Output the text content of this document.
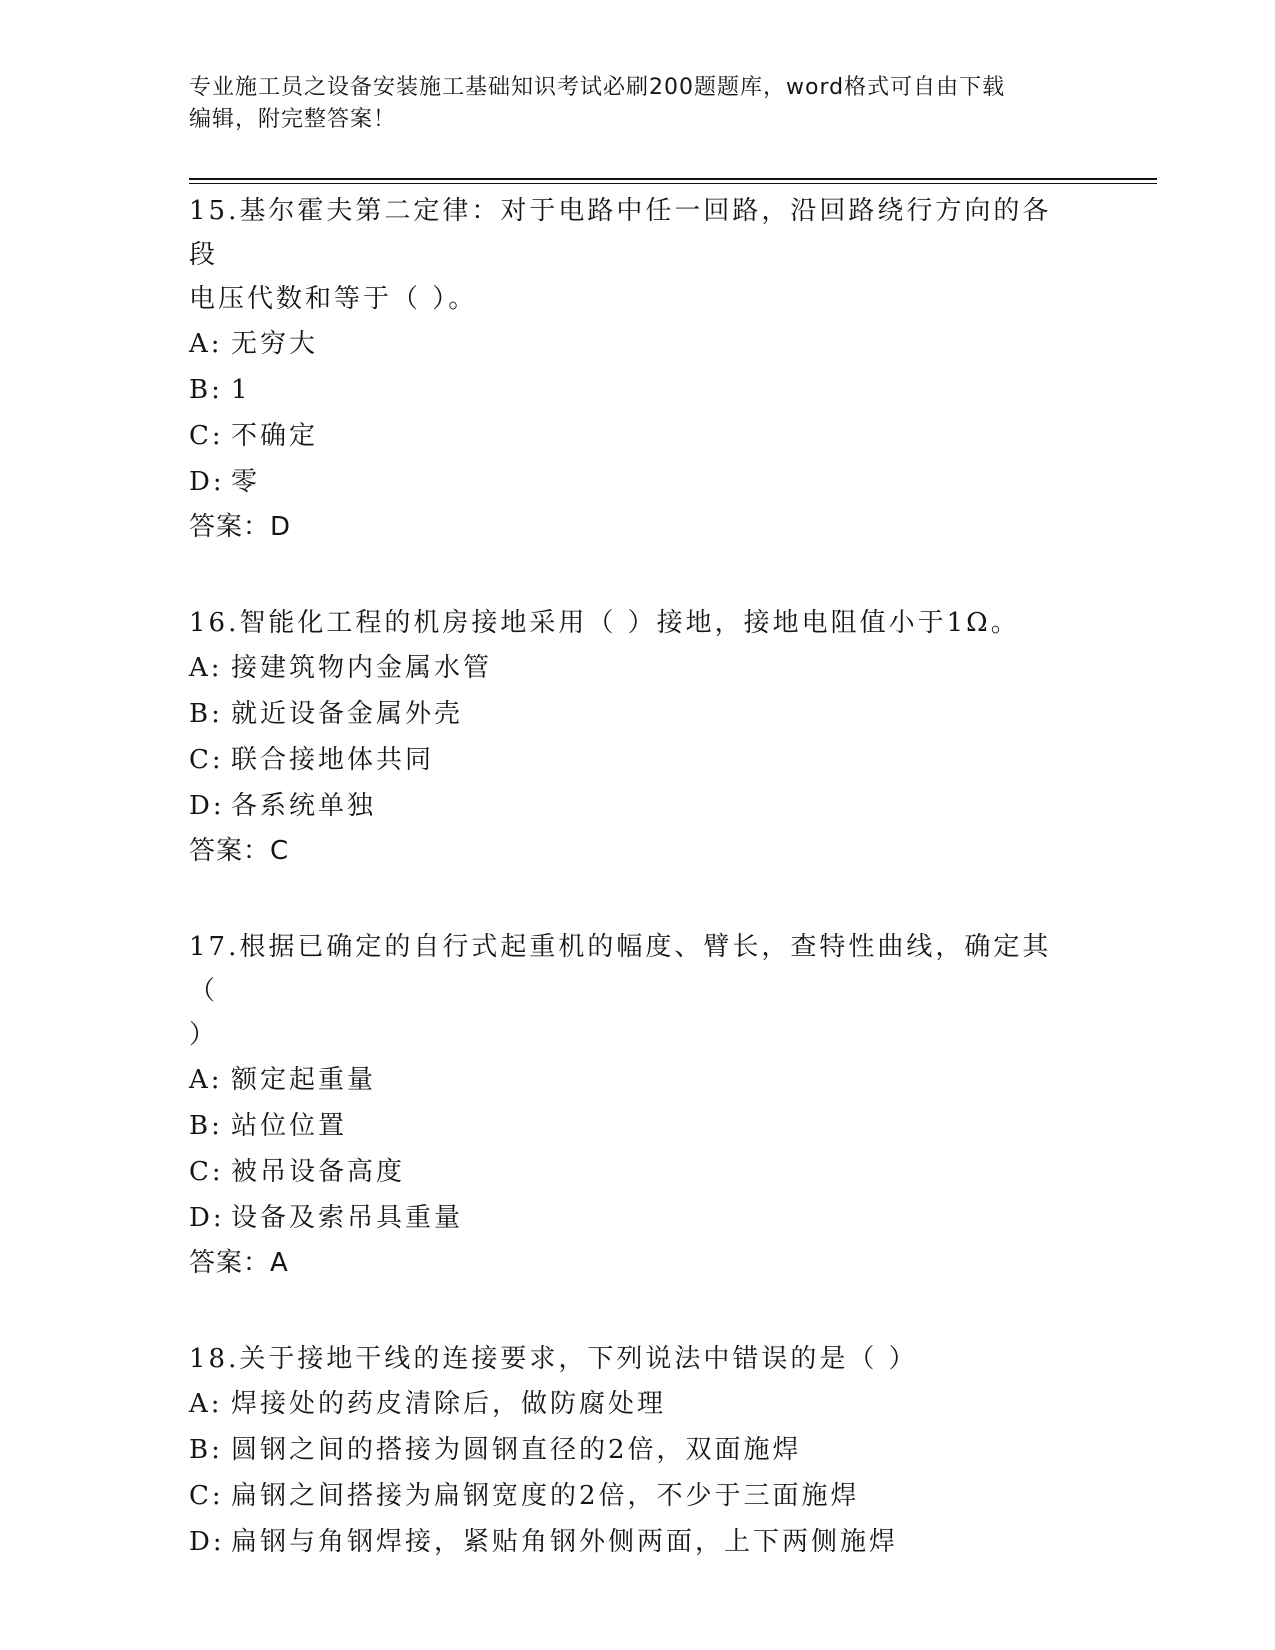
专业施工员之设备安装施工基础知识考试必刷200题题库，word格式可自由下载
编辑，附完整答案！
15.基尔霍夫第二定律：对于电路中任一回路，沿回路绕行方向的各段
电压代数和等于（ ）。
A: 无穷大
B: 1
C: 不确定
D: 零
答案：D
16.智能化工程的机房接地采用（ ）接地，接地电阻值小于1Ω。
A: 接建筑物内金属水管
B: 就近设备金属外壳
C: 联合接地体共同
D: 各系统单独
答案：C
17.根据已确定的自行式起重机的幅度、臂长，查特性曲线，确定其（
）
A: 额定起重量
B: 站位位置
C: 被吊设备高度
D: 设备及索吊具重量
答案：A
18.关于接地干线的连接要求，下列说法中错误的是（ ）
A: 焊接处的药皮清除后，做防腐处理
B: 圆钢之间的搭接为圆钢直径的2倍，双面施焊
C: 扁钢之间搭接为扁钢宽度的2倍，不少于三面施焊
D: 扁钢与角钢焊接，紧贴角钢外侧两面，上下两侧施焊
